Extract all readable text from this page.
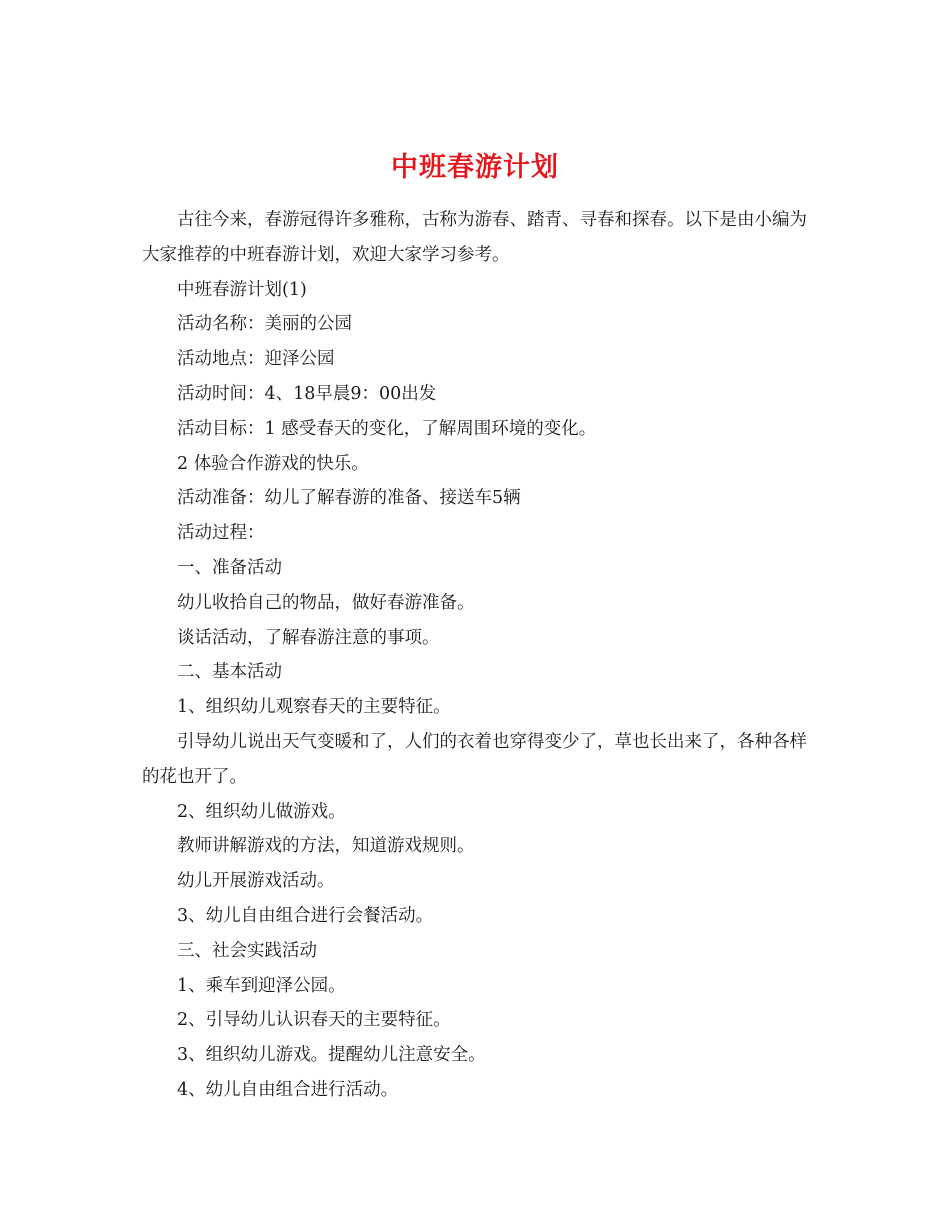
中班春游计划

古往今来，春游冠得许多雅称，古称为游春、踏青、寻春和探春。以下是由小编为大家推荐的中班春游计划，欢迎大家学习参考。

中班春游计划(1)

活动名称：美丽的公园

活动地点：迎泽公园

活动时间：4、18早晨9：00出发

活动目标：1 感受春天的变化，了解周围环境的变化。

2 体验合作游戏的快乐。

活动准备：幼儿了解春游的准备、接送车5辆

活动过程：

一、准备活动

幼儿收拾自己的物品，做好春游准备。

谈话活动，了解春游注意的事项。

二、基本活动

1、组织幼儿观察春天的主要特征。

引导幼儿说出天气变暖和了，人们的衣着也穿得变少了，草也长出来了，各种各样的花也开了。

2、组织幼儿做游戏。

教师讲解游戏的方法，知道游戏规则。

幼儿开展游戏活动。

3、幼儿自由组合进行会餐活动。

三、社会实践活动

1、乘车到迎泽公园。

2、引导幼儿认识春天的主要特征。

3、组织幼儿游戏。提醒幼儿注意安全。

4、幼儿自由组合进行活动。
